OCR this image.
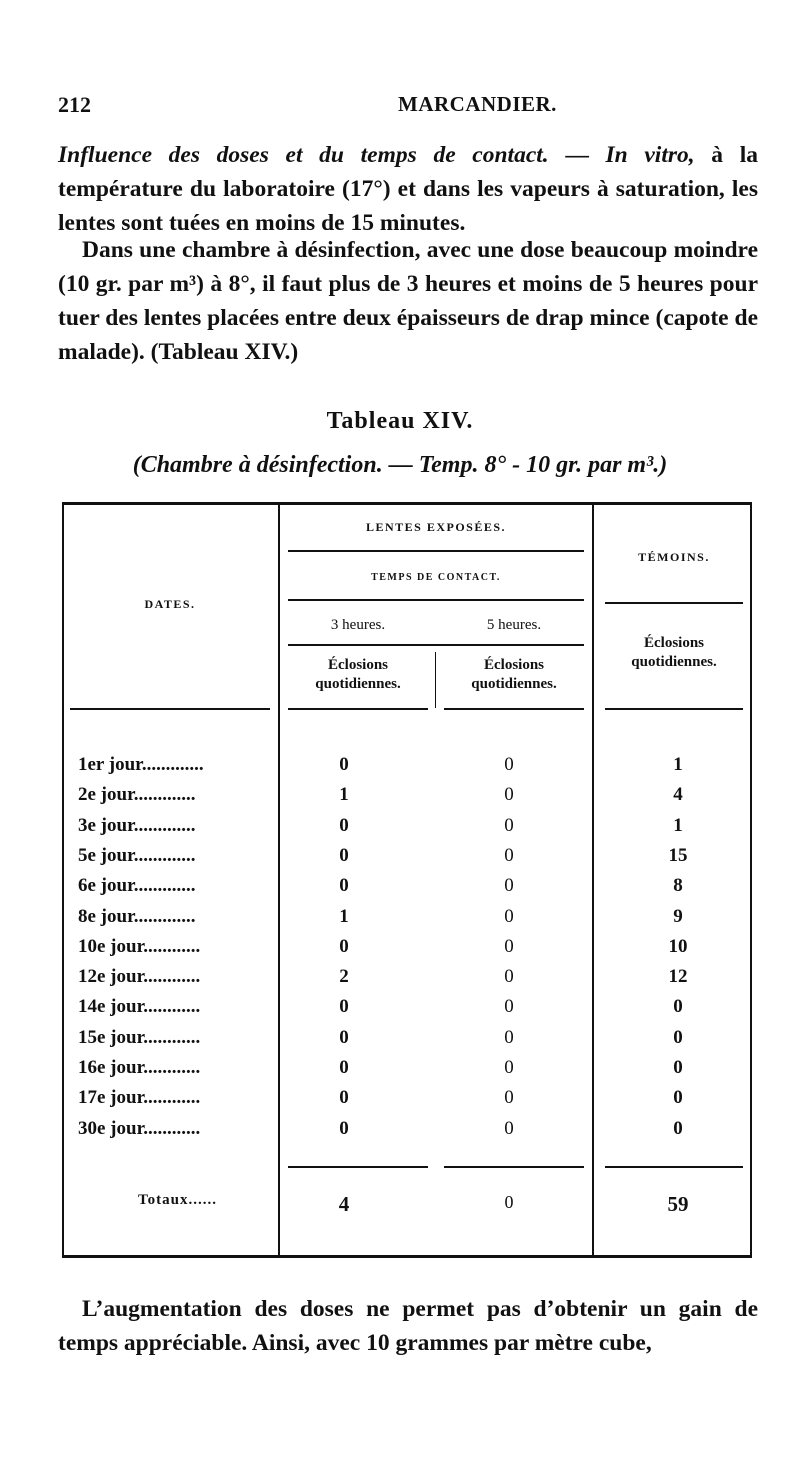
212	MARCANDIER.
Influence des doses et du temps de contact. — In vitro, à la température du laboratoire (17°) et dans les vapeurs à saturation, les lentes sont tuées en moins de 15 minutes.
Dans une chambre à désinfection, avec une dose beaucoup moindre (10 gr. par m³) à 8°, il faut plus de 3 heures et moins de 5 heures pour tuer des lentes placées entre deux épaisseurs de drap mince (capote de malade). (Tableau XIV.)
Tableau XIV.
(Chambre à désinfection. — Temp. 8° - 10 gr. par m³.)
DATES.
LENTES EXPOSÉES.
TEMPS DE CONTACT.
3 heures.	5 heures.
TÉMOINS.
Éclosions quotidiennes.
Éclosions quotidiennes.
Éclosions quotidiennes.
1er jour.............	0	0	1
2e jour.............	1	0	4
3e jour.............	0	0	1
5e jour.............	0	0	15
6e jour.............	0	0	8
8e jour.............	1	0	9
10e jour............	0	0	10
12e jour............	2	0	12
14e jour............	0	0	0
15e jour............	0	0	0
16e jour............	0	0	0
17e jour............	0	0	0
30e jour............	0	0	0
Totaux......	4	0	59
L’augmentation des doses ne permet pas d’obtenir un gain de temps appréciable. Ainsi, avec 10 grammes par mètre cube,
